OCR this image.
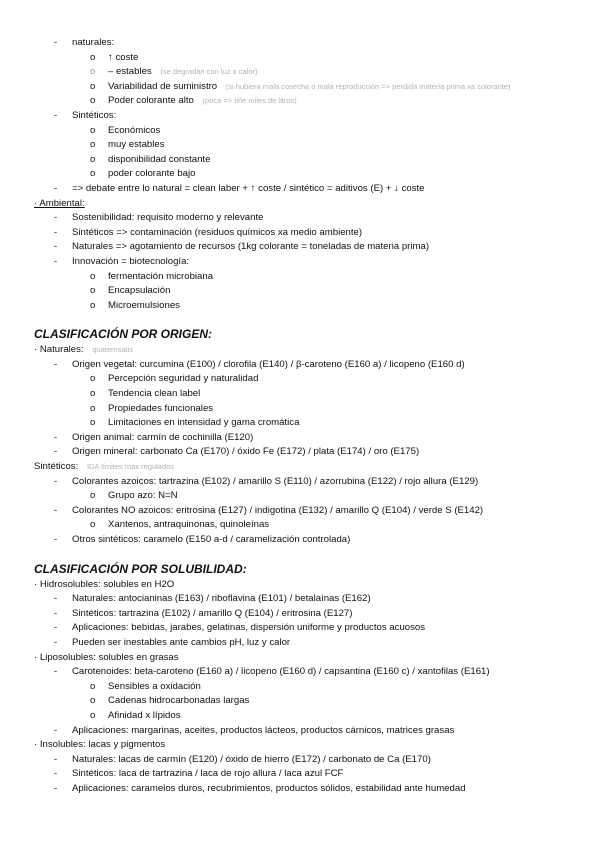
-
naturales:
o
↑ coste
o
– estables (se degradan con luz o calor)
o
Variabilidad de suministro (si hubiera mala cosecha o mala reproducción => perdida materia prima xa colorante)
o
Poder colorante alto (poca => tiñe miles de litros)
-
Sintéticos:
o
Económicos
o
muy estables
o
disponibilidad constante
o
poder colorante bajo
-
=> debate entre lo natural = clean laber + ↑ coste / sintético = aditivos (E) + ↓ coste
· Ambiental:
-
Sostenibilidad: requisito moderno y relevante
-
Sintéticos => contaminación (residuos químicos xa medio ambiente)
-
Naturales => agotamiento de recursos (1kg colorante = toneladas de materia prima)
-
Innovación = biotecnología:
o
fermentación microbiana
o
Encapsulación
o
Microemulsiones
CLASIFICACIÓN POR ORIGEN:
· Naturales: quaternsatis
-
Origen vegetal: curcumina (E100) / clorofila (E140) / β-caroteno (E160 a) / licopeno (E160 d)
o
Percepción seguridad y naturalidad
o
Tendencia clean label
o
Propiedades funcionales
o
Limitaciones en intensidad y gama cromática
-
Origen animal: carmín de cochinilla (E120)
-
Origen mineral: carbonato Ca (E170) / óxido Fe (E172) / plata (E174) / oro (E175)
Sintéticos: IDA límites máx regulados
-
Colorantes azoicos: tartrazina (E102) / amarillo S (E110) / azorrubina (E122) / rojo allura (E129)
o
Grupo azo: N=N
-
Colorantes NO azoicos: eritrosina (E127) / indigotina (E132) / amarillo Q (E104) / verde S (E142)
o
Xantenos, antraquinonas, quinoleínas
-
Otros sintéticos: caramelo (E150 a-d / caramelización controlada)
CLASIFICACIÓN POR SOLUBILIDAD:
· Hidrosolubles: solubles en H2O
-
Naturales: antocianinas (E163) / riboflavina (E101) / betalaínas (E162)
-
Sintéticos: tartrazina (E102) / amarillo Q (E104) / eritrosina (E127)
-
Aplicaciones: bebidas, jarabes, gelatinas, dispersión uniforme y productos acuosos
-
Pueden ser inestables ante cambios pH, luz y calor
· Liposolubles: solubles en grasas
-
Carotenoides: beta-caroteno (E160 a) / licopeno (E160 d) / capsantina (E160 c) / xantofilas (E161)
o
Sensibles a oxidación
o
Cadenas hidrocarbonadas largas
o
Afinidad x lípidos
-
Aplicaciones: margarinas, aceites, productos lácteos, productos cárnicos, matrices grasas
· Insolubles: lacas y pigmentos
-
Naturales: lacas de carmín (E120) / óxido de hierro (E172) / carbonato de Ca (E170)
-
Sintéticos: laca de tartrazina / laca de rojo allura / laca azul FCF
-
Aplicaciones: caramelos duros, recubrimientos, productos sólidos, estabilidad ante humedad
